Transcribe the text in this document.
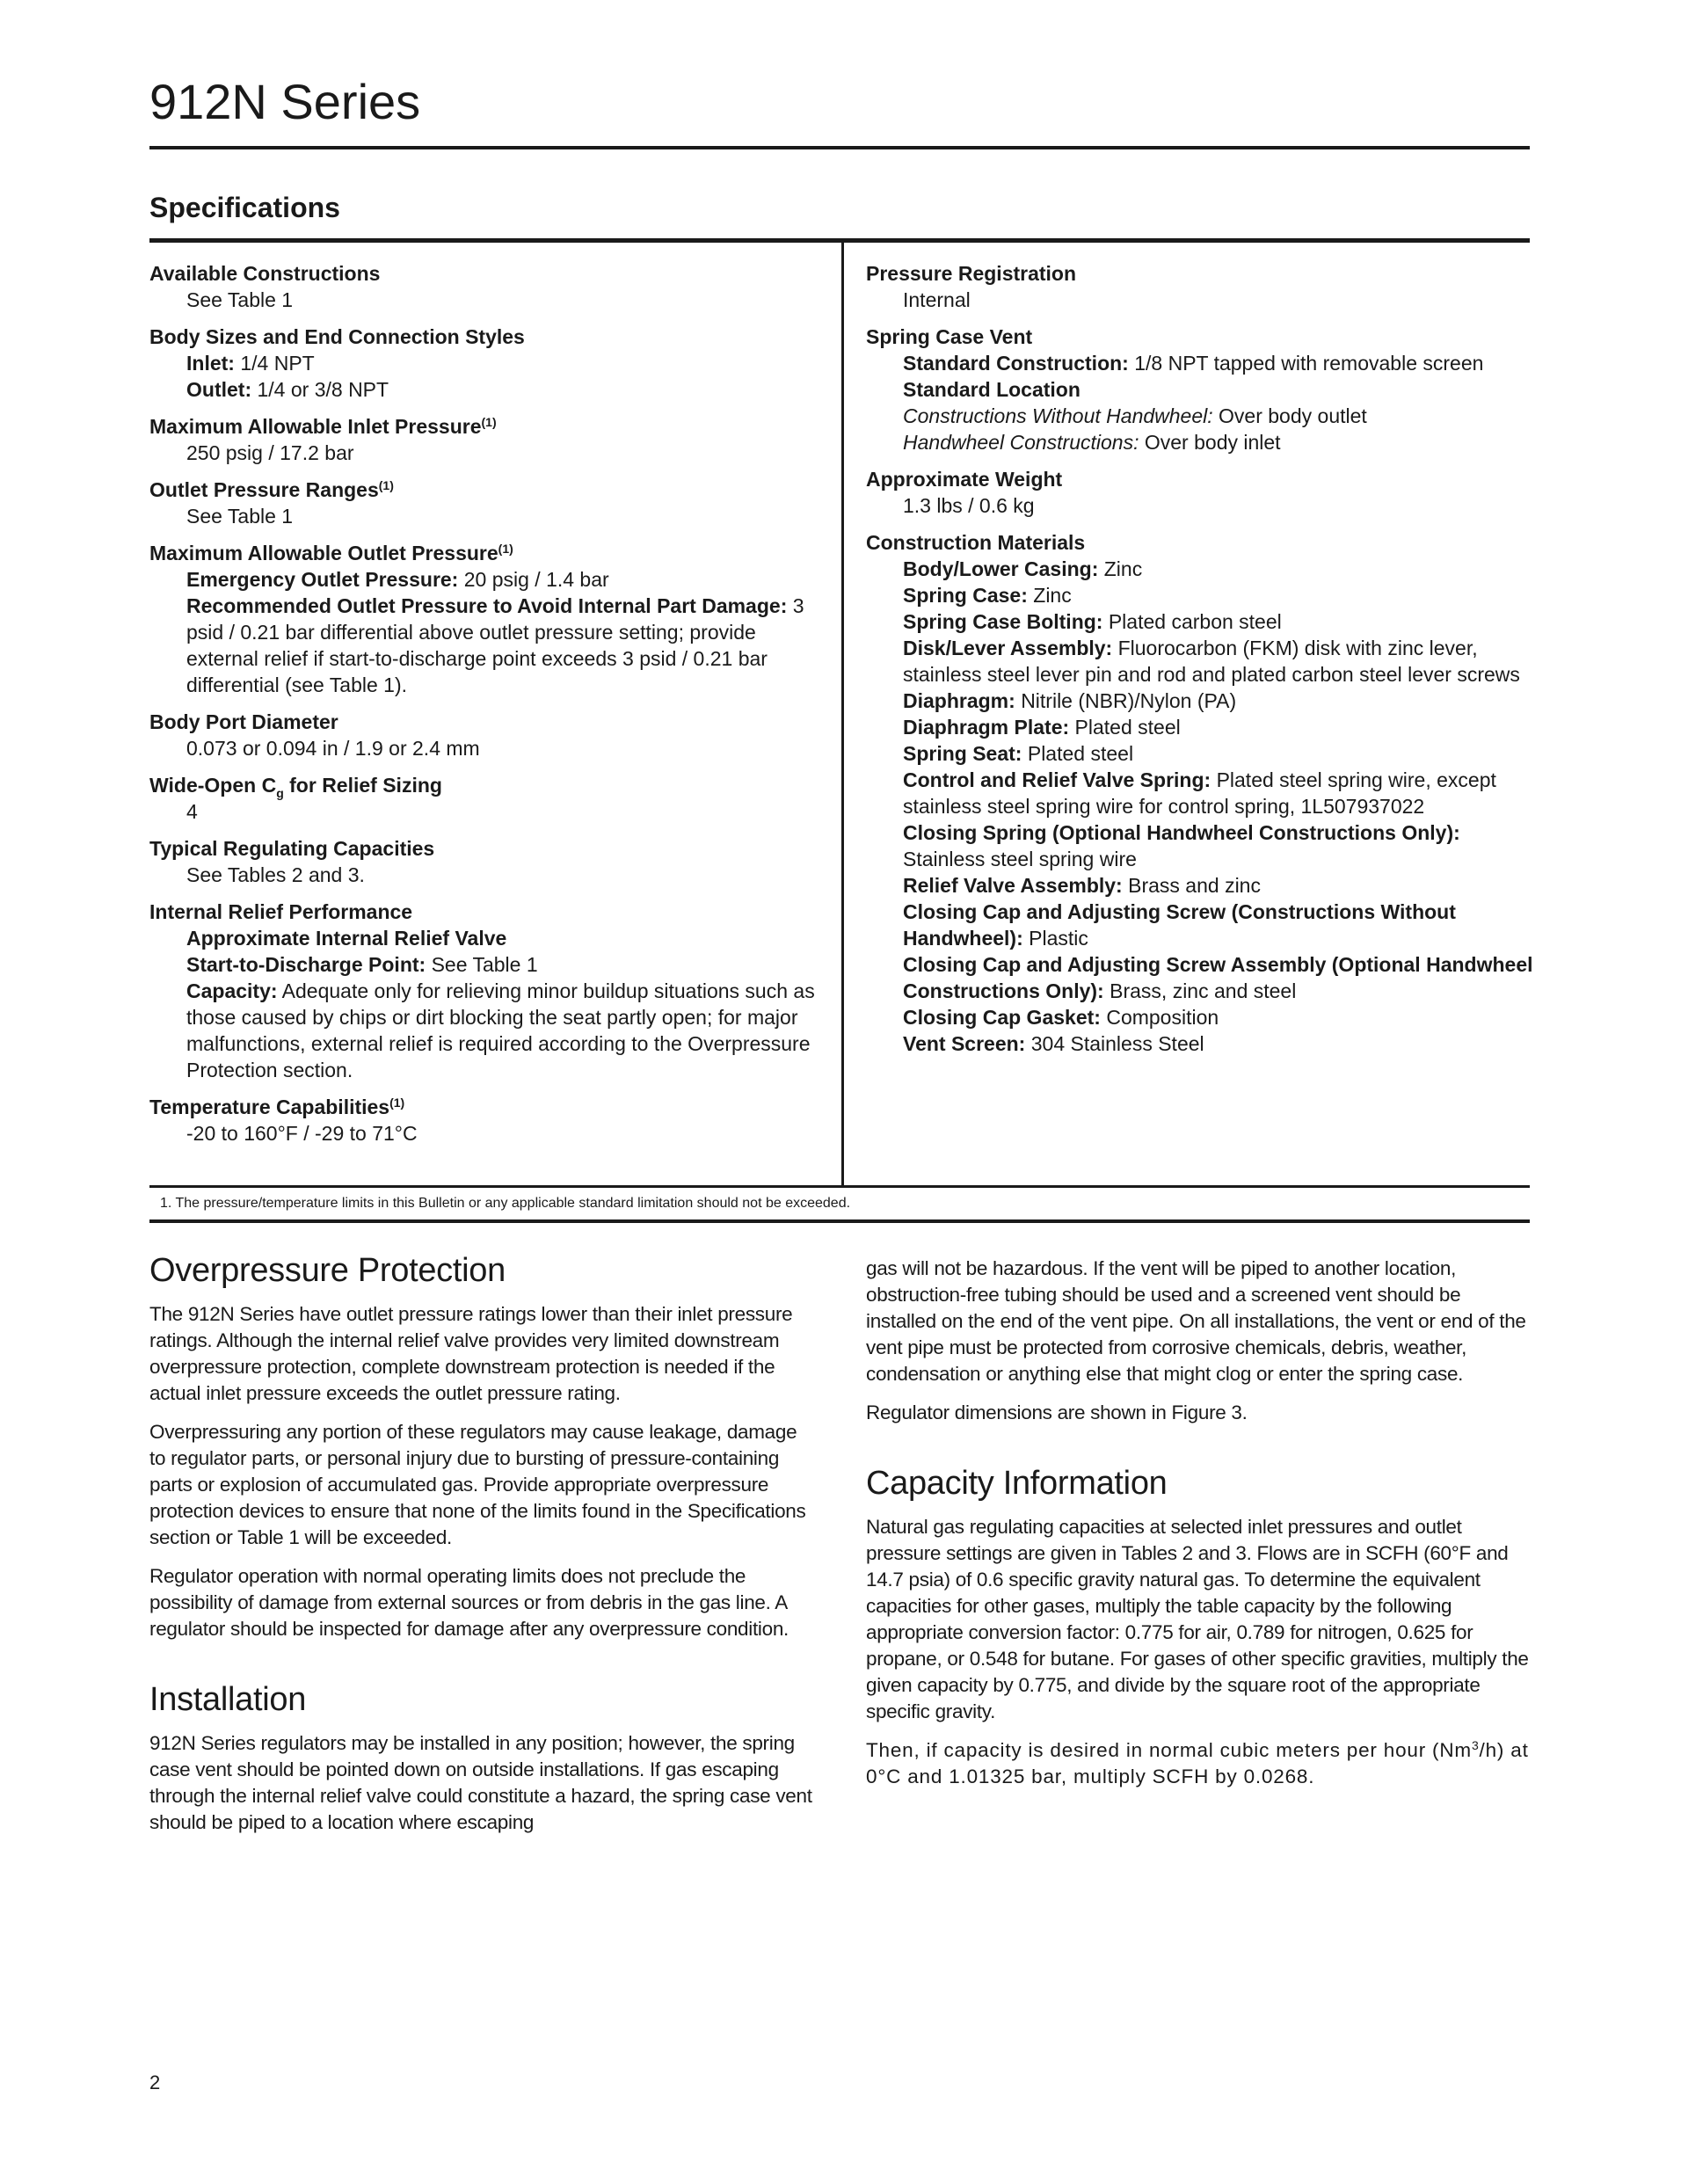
912N Series
Specifications
Available Constructions
See Table 1
Body Sizes and End Connection Styles
Inlet: 1/4 NPT
Outlet: 1/4 or 3/8 NPT
Maximum Allowable Inlet Pressure$^{(1)}$
250 psig / 17.2 bar
Outlet Pressure Ranges$^{(1)}$
See Table 1
Maximum Allowable Outlet Pressure$^{(1)}$
Emergency Outlet Pressure: 20 psig / 1.4 bar
Recommended Outlet Pressure to Avoid Internal Part Damage: 3 psid / 0.21 bar differential above outlet pressure setting; provide external relief if start-to-discharge point exceeds 3 psid / 0.21 bar differential (see Table 1).
Body Port Diameter
0.073 or 0.094 in / 1.9 or 2.4 mm
Wide-Open $C_g$ for Relief Sizing
4
Typical Regulating Capacities
See Tables 2 and 3.
Internal Relief Performance
Approximate Internal Relief Valve
Start-to-Discharge Point: See Table 1
Capacity: Adequate only for relieving minor buildup situations such as those caused by chips or dirt blocking the seat partly open; for major malfunctions, external relief is required according to the Overpressure Protection section.
Temperature Capabilities$^{(1)}$
-20 to 160°F / -29 to 71°C
Pressure Registration
Internal
Spring Case Vent
Standard Construction: 1/8 NPT tapped with removable screen
Standard Location
Constructions Without Handwheel: Over body outlet
Handwheel Constructions: Over body inlet
Approximate Weight
1.3 lbs / 0.6 kg
Construction Materials
Body/Lower Casing: Zinc
Spring Case: Zinc
Spring Case Bolting: Plated carbon steel
Disk/Lever Assembly: Fluorocarbon (FKM) disk with zinc lever, stainless steel lever pin and rod and plated carbon steel lever screws
Diaphragm: Nitrile (NBR)/Nylon (PA)
Diaphragm Plate: Plated steel
Spring Seat: Plated steel
Control and Relief Valve Spring: Plated steel spring wire, except stainless steel spring wire for control spring, 1L507937022
Closing Spring (Optional Handwheel Constructions Only): Stainless steel spring wire
Relief Valve Assembly: Brass and zinc
Closing Cap and Adjusting Screw (Constructions Without Handwheel): Plastic
Closing Cap and Adjusting Screw Assembly (Optional Handwheel Constructions Only): Brass, zinc and steel
Closing Cap Gasket: Composition
Vent Screen: 304 Stainless Steel
1. The pressure/temperature limits in this Bulletin or any applicable standard limitation should not be exceeded.
Overpressure Protection

The 912N Series have outlet pressure ratings lower than their inlet pressure ratings. Although the internal relief valve provides very limited downstream overpressure protection, complete downstream protection is needed if the actual inlet pressure exceeds the outlet pressure rating.

Overpressuring any portion of these regulators may cause leakage, damage to regulator parts, or personal injury due to bursting of pressure-containing parts or explosion of accumulated gas. Provide appropriate overpressure protection devices to ensure that none of the limits found in the Specifications section or Table 1 will be exceeded.

Regulator operation with normal operating limits does not preclude the possibility of damage from external sources or from debris in the gas line. A regulator should be inspected for damage after any overpressure condition.

Installation

912N Series regulators may be installed in any position; however, the spring case vent should be pointed down on outside installations. If gas escaping through the internal relief valve could constitute a hazard, the spring case vent should be piped to a location where escaping

gas will not be hazardous. If the vent will be piped to another location, obstruction-free tubing should be used and a screened vent should be installed on the end of the vent pipe. On all installations, the vent or end of the vent pipe must be protected from corrosive chemicals, debris, weather, condensation or anything else that might clog or enter the spring case.

Regulator dimensions are shown in Figure 3.

Capacity Information

Natural gas regulating capacities at selected inlet pressures and outlet pressure settings are given in Tables 2 and 3. Flows are in SCFH (60°F and 14.7 psia) of 0.6 specific gravity natural gas. To determine the equivalent capacities for other gases, multiply the table capacity by the following appropriate conversion factor: 0.775 for air, 0.789 for nitrogen, 0.625 for propane, or 0.548 for butane. For gases of other specific gravities, multiply the given capacity by 0.775, and divide by the square root of the appropriate specific gravity.

Then, if capacity is desired in normal cubic meters per hour (Nm$^3$/h) at 0°C and 1.01325 bar, multiply SCFH by 0.0268.

2
